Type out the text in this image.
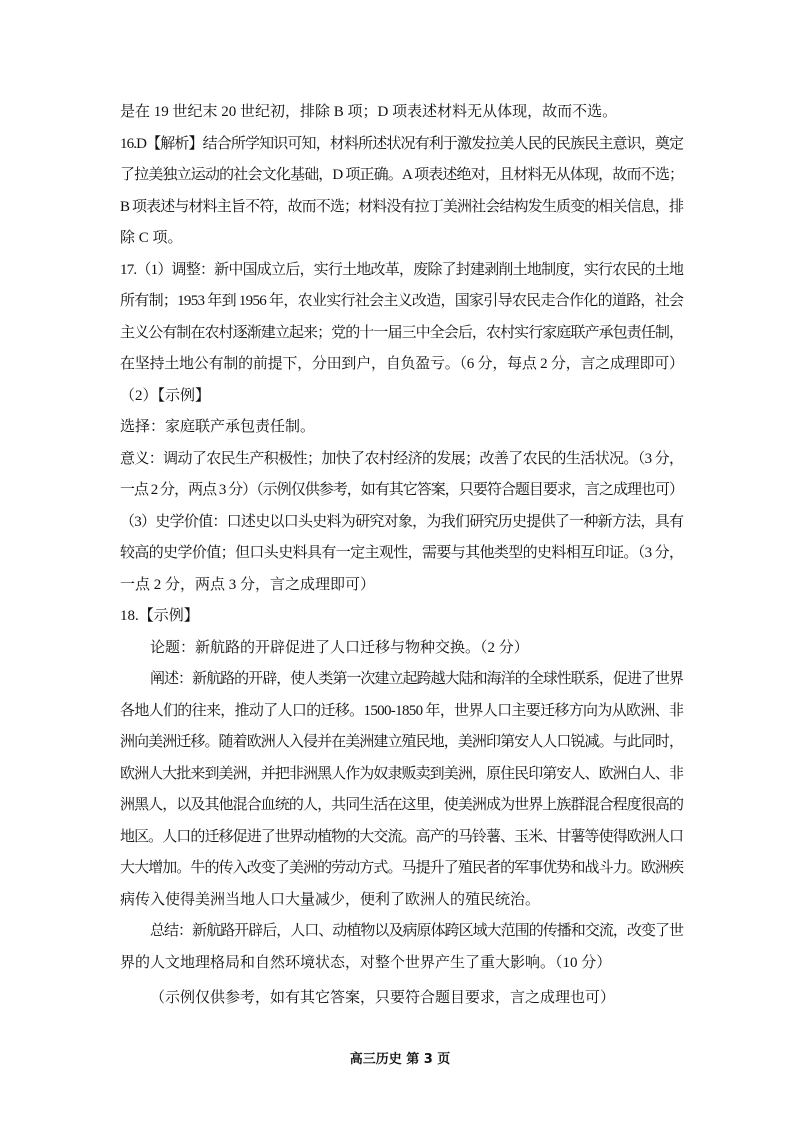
是在 19 世纪末 20 世纪初，排除 B 项；D 项表述材料无从体现，故而不选。
16.D【解析】结合所学知识可知，材料所述状况有利于激发拉美人民的民族民主意识，奠定
了拉美独立运动的社会文化基础，D 项正确。A 项表述绝对，且材料无从体现，故而不选；
B 项表述与材料主旨不符，故而不选；材料没有拉丁美洲社会结构发生质变的相关信息，排
除 C 项。
17.（1）调整：新中国成立后，实行土地改革，废除了封建剥削土地制度，实行农民的土地
所有制；1953 年到 1956 年，农业实行社会主义改造，国家引导农民走合作化的道路，社会
主义公有制在农村逐渐建立起来；党的十一届三中全会后，农村实行家庭联产承包责任制，
在坚持土地公有制的前提下，分田到户，自负盈亏。（6 分，每点 2 分，言之成理即可）
（2）【示例】
选择：家庭联产承包责任制。
意义：调动了农民生产积极性；加快了农村经济的发展；改善了农民的生活状况。（3 分，
一点 2 分，两点 3 分）（示例仅供参考，如有其它答案，只要符合题目要求，言之成理也可）
（3）史学价值：口述史以口头史料为研究对象，为我们研究历史提供了一种新方法，具有
较高的史学价值；但口头史料具有一定主观性，需要与其他类型的史料相互印证。（3 分，
一点 2 分，两点 3 分，言之成理即可）
18.【示例】
论题：新航路的开辟促进了人口迁移与物种交换。（2 分）
阐述：新航路的开辟，使人类第一次建立起跨越大陆和海洋的全球性联系，促进了世界
各地人们的往来，推动了人口的迁移。1500-1850 年，世界人口主要迁移方向为从欧洲、非
洲向美洲迁移。随着欧洲人入侵并在美洲建立殖民地，美洲印第安人人口锐减。与此同时，
欧洲人大批来到美洲，并把非洲黑人作为奴隶贩卖到美洲，原住民印第安人、欧洲白人、非
洲黑人，以及其他混合血统的人，共同生活在这里，使美洲成为世界上族群混合程度很高的
地区。人口的迁移促进了世界动植物的大交流。高产的马铃薯、玉米、甘薯等使得欧洲人口
大大增加。牛的传入改变了美洲的劳动方式。马提升了殖民者的军事优势和战斗力。欧洲疾
病传入使得美洲当地人口大量减少，便利了欧洲人的殖民统治。
总结：新航路开辟后，人口、动植物以及病原体跨区域大范围的传播和交流，改变了世
界的人文地理格局和自然环境状态，对整个世界产生了重大影响。（10 分）
（示例仅供参考，如有其它答案，只要符合题目要求，言之成理也可）
高三历史 第 3 页
